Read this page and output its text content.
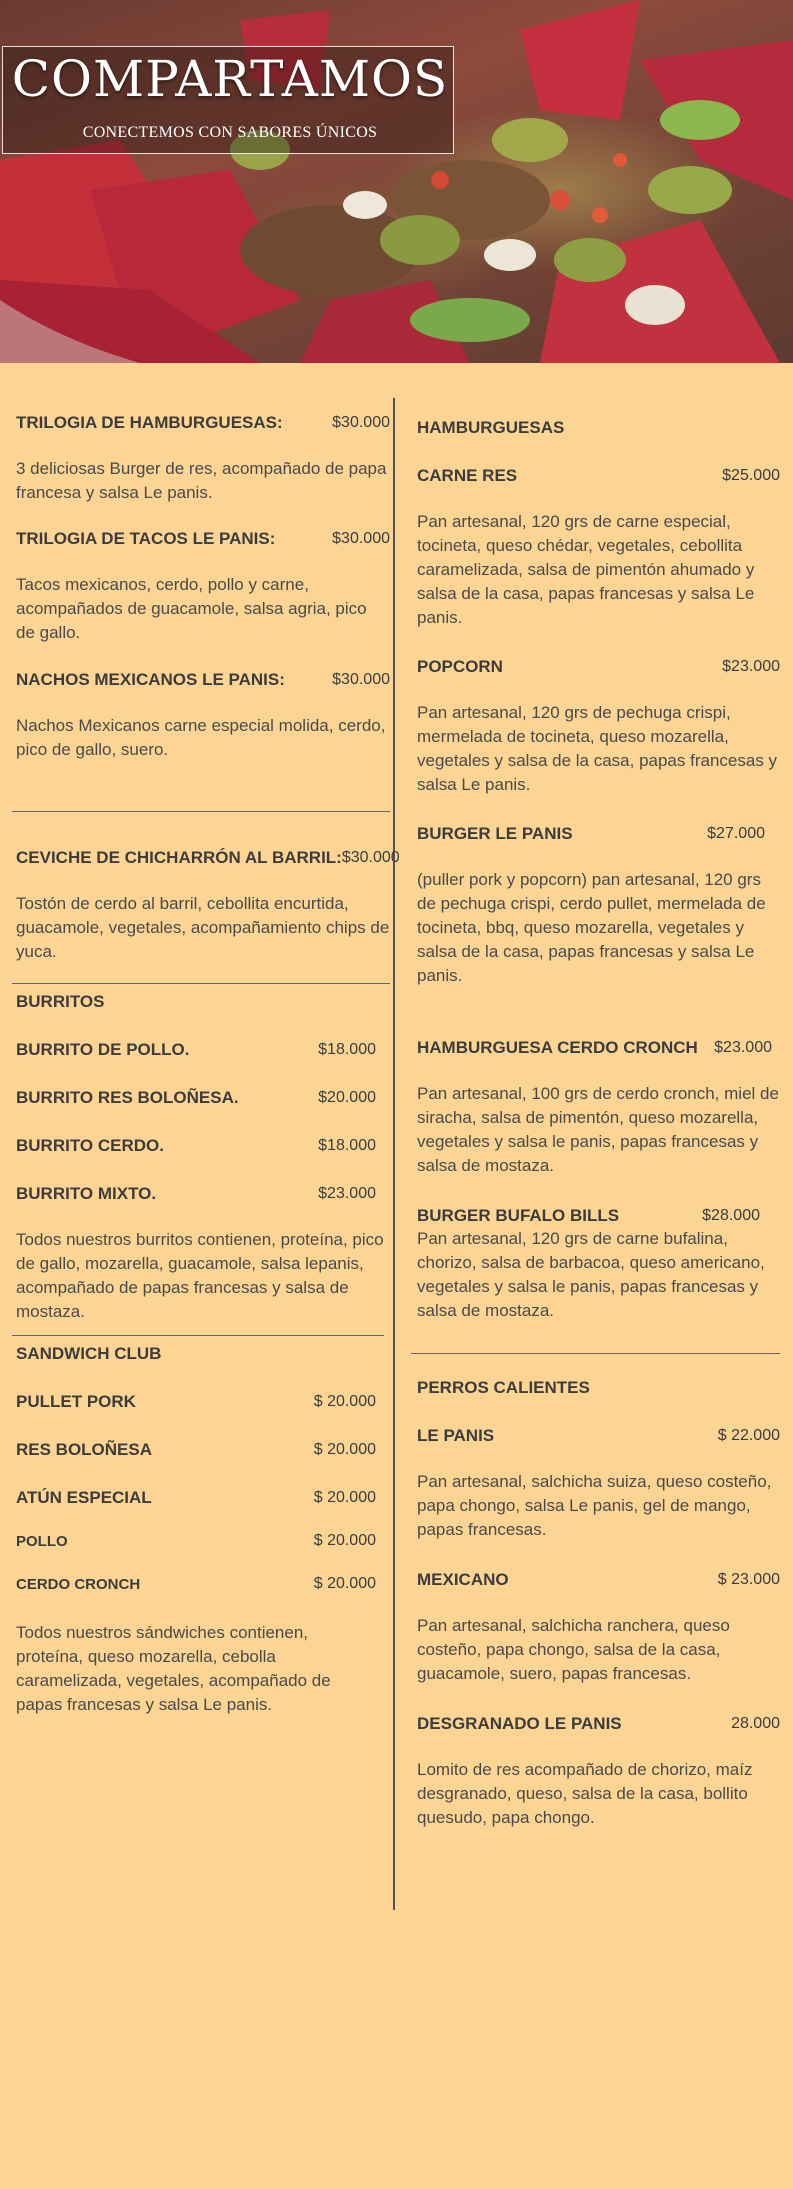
COMPARTAMOS
CONECTEMOS CON SABORES ÚNICOS
TRILOGIA DE HAMBURGUESAS:	$30.000
3 deliciosas Burger de res, acompañado de papa francesa y salsa Le panis.
TRILOGIA DE TACOS LE PANIS:	$30.000
Tacos mexicanos, cerdo, pollo y carne, acompañados de guacamole, salsa agria, pico de gallo.
NACHOS MEXICANOS LE PANIS:	$30.000
Nachos Mexicanos carne especial molida, cerdo, pico de gallo, suero.
CEVICHE DE CHICHARRÓN AL BARRIL: $30.000
Tostón de cerdo al barril, cebollita encurtida, guacamole, vegetales, acompañamiento chips de yuca.
BURRITOS
BURRITO DE POLLO.	$18.000
BURRITO RES BOLOÑESA.	$20.000
BURRITO CERDO.	$18.000
BURRITO MIXTO.	$23.000
Todos nuestros burritos contienen, proteína, pico de gallo, mozarella, guacamole, salsa lepanis, acompañado de papas francesas y salsa de mostaza.
SANDWICH CLUB
PULLET PORK	$ 20.000
RES BOLOÑESA	$ 20.000
ATÚN ESPECIAL	$ 20.000
POLLO	$ 20.000
CERDO CRONCH	$ 20.000
Todos nuestros sándwiches contienen, proteína, queso mozarella, cebolla caramelizada, vegetales, acompañado de papas francesas y salsa Le panis.
HAMBURGUESAS
CARNE RES	$25.000
Pan artesanal, 120 grs de carne especial, tocineta, queso chédar, vegetales, cebollita caramelizada, salsa de pimentón ahumado y salsa de la casa, papas francesas y salsa Le panis.
POPCORN	$23.000
Pan artesanal, 120 grs de pechuga crispi, mermelada de tocineta, queso mozarella, vegetales y salsa de la casa, papas francesas y salsa Le panis.
BURGER LE PANIS	$27.000
(puller pork y popcorn) pan artesanal, 120 grs de pechuga crispi, cerdo pullet, mermelada de tocineta, bbq, queso mozarella, vegetales y salsa de la casa, papas francesas y salsa Le panis.
HAMBURGUESA CERDO CRONCH $23.000
Pan artesanal, 100 grs de cerdo cronch, miel de siracha, salsa de pimentón, queso mozarella, vegetales y salsa le panis, papas francesas y salsa de mostaza.
BURGER BUFALO BILLS	$28.000
Pan artesanal, 120 grs de carne bufalina, chorizo, salsa de barbacoa, queso americano, vegetales y salsa le panis, papas francesas y salsa de mostaza.
PERROS CALIENTES
LE PANIS	$ 22.000
Pan artesanal, salchicha suiza, queso costeño, papa chongo, salsa Le panis, gel de mango, papas francesas.
MEXICANO	$ 23.000
Pan artesanal, salchicha ranchera, queso costeño, papa chongo, salsa de la casa, guacamole, suero, papas francesas.
DESGRANADO LE PANIS	28.000
Lomito de res acompañado de chorizo, maíz desgranado, queso, salsa de la casa, bollito quesudo, papa chongo.
